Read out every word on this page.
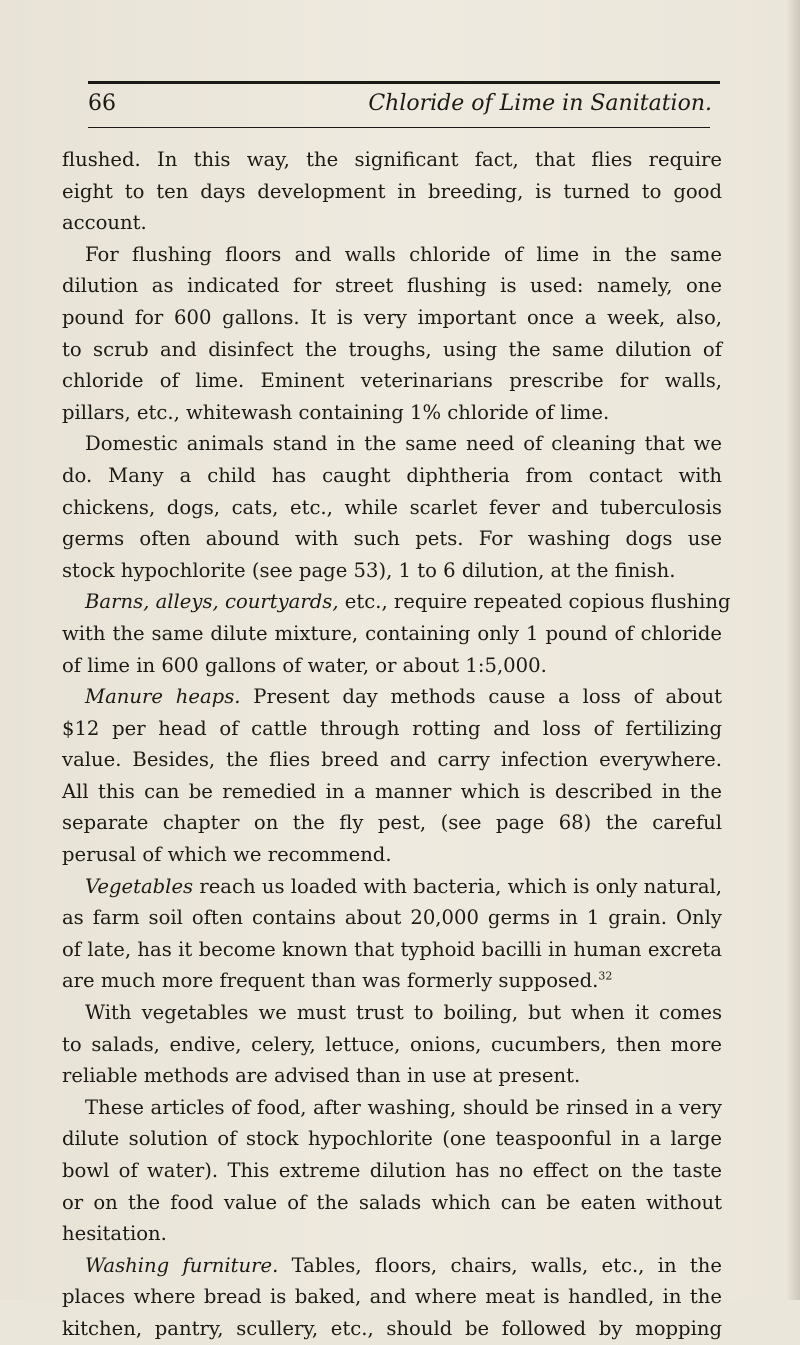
66	Chloride of Lime in Sanitation.
flushed. In this way, the significant fact, that flies require
eight to ten days development in breeding, is turned to good
account.
For flushing floors and walls chloride of lime in the same
dilution as indicated for street flushing is used: namely, one
pound for 600 gallons. It is very important once a week, also,
to scrub and disinfect the troughs, using the same dilution of
chloride of lime. Eminent veterinarians prescribe for walls,
pillars, etc., whitewash containing 1% chloride of lime.
Domestic animals stand in the same need of cleaning that we
do. Many a child has caught diphtheria from contact with
chickens, dogs, cats, etc., while scarlet fever and tuberculosis
germs often abound with such pets. For washing dogs use
stock hypochlorite (see page 53), 1 to 6 dilution, at the finish.
Barns, alleys, courtyards, etc., require repeated copious flushing
with the same dilute mixture, containing only 1 pound of chloride
of lime in 600 gallons of water, or about 1:5,000.
Manure heaps. Present day methods cause a loss of about
$12 per head of cattle through rotting and loss of fertilizing
value. Besides, the flies breed and carry infection everywhere.
All this can be remedied in a manner which is described in the
separate chapter on the fly pest, (see page 68) the careful
perusal of which we recommend.
Vegetables reach us loaded with bacteria, which is only natural,
as farm soil often contains about 20,000 germs in 1 grain. Only
of late, has it become known that typhoid bacilli in human excreta
are much more frequent than was formerly supposed.$^{32}$
With vegetables we must trust to boiling, but when it comes
to salads, endive, celery, lettuce, onions, cucumbers, then more
reliable methods are advised than in use at present.
These articles of food, after washing, should be rinsed in a very
dilute solution of stock hypochlorite (one teaspoonful in a large
bowl of water). This extreme dilution has no effect on the taste
or on the food value of the salads which can be eaten without
hesitation.
Washing furniture. Tables, floors, chairs, walls, etc., in the
places where bread is baked, and where meat is handled, in the
kitchen, pantry, scullery, etc., should be followed by mopping
